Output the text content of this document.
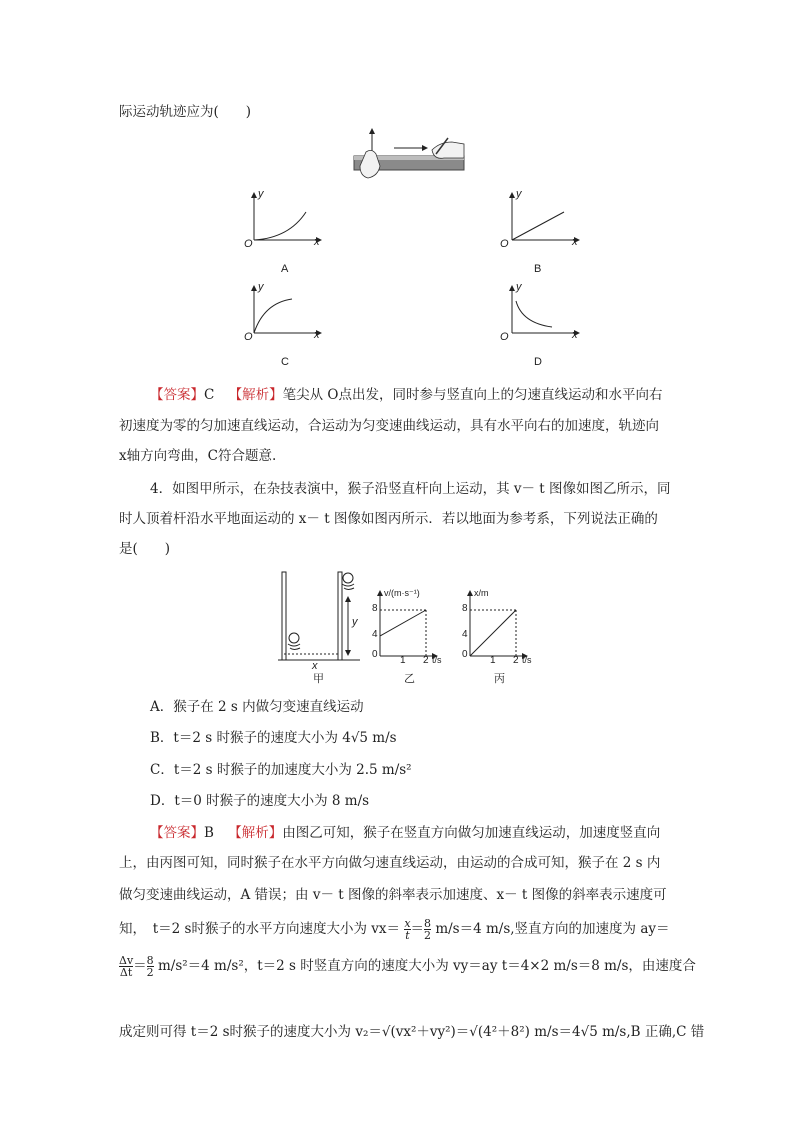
际运动轨迹应为(　　)
y
x
O
A
y
x
O
B
y
x
O
C
y
x
O
D
【答案】C 【解析】笔尖从 O点出发，同时参与竖直向上的匀速直线运动和水平向右
初速度为零的匀加速直线运动，合运动为匀变速曲线运动，具有水平向右的加速度，轨迹向
x轴方向弯曲，C符合题意.
4．如图甲所示，在杂技表演中，猴子沿竖直杆向上运动，其 v－ t 图像如图乙所示，同
时人顶着杆沿水平地面运动的 x－ t 图像如图丙所示．若以地面为参考系，下列说法正确的
是(　　)
x
y
甲
v/(m·s⁻¹)
8
4
0
1 2 t/s
乙
x/m
8
4
0
1 2 t/s
丙
A．猴子在 2 s 内做匀变速直线运动
B．t＝2 s 时猴子的速度大小为 4√5 m/s
C．t＝2 s 时猴子的加速度大小为 2.5 m/s²
D．t＝0 时猴子的速度大小为 8 m/s
【答案】B 【解析】由图乙可知，猴子在竖直方向做匀加速直线运动，加速度竖直向
上，由丙图可知，同时猴子在水平方向做匀速直线运动，由运动的合成可知，猴子在 2 s 内
做匀变速曲线运动，A 错误；由 v－ t 图像的斜率表示加速度、x－ t 图像的斜率表示速度可
知，　t＝2 s时猴子的水平方向速度大小为 $vx= \frac{x}{t} = \frac{8}{2} m/s=4$ m/s,竖直方向的加速度为 ay＝
$\frac{\Delta v}{\Delta t} = \frac{8}{2} m/s^2=4$ m/s²，t＝2 s 时竖直方向的速度大小为 vy＝ay t＝4×2 m/s＝8 m/s，由速度合
成定则可得 t＝2 s时猴子的速度大小为 v₂＝√(vx²＋vy²)＝√(4²＋8²) m/s＝4√5 m/s,B 正确,C 错
